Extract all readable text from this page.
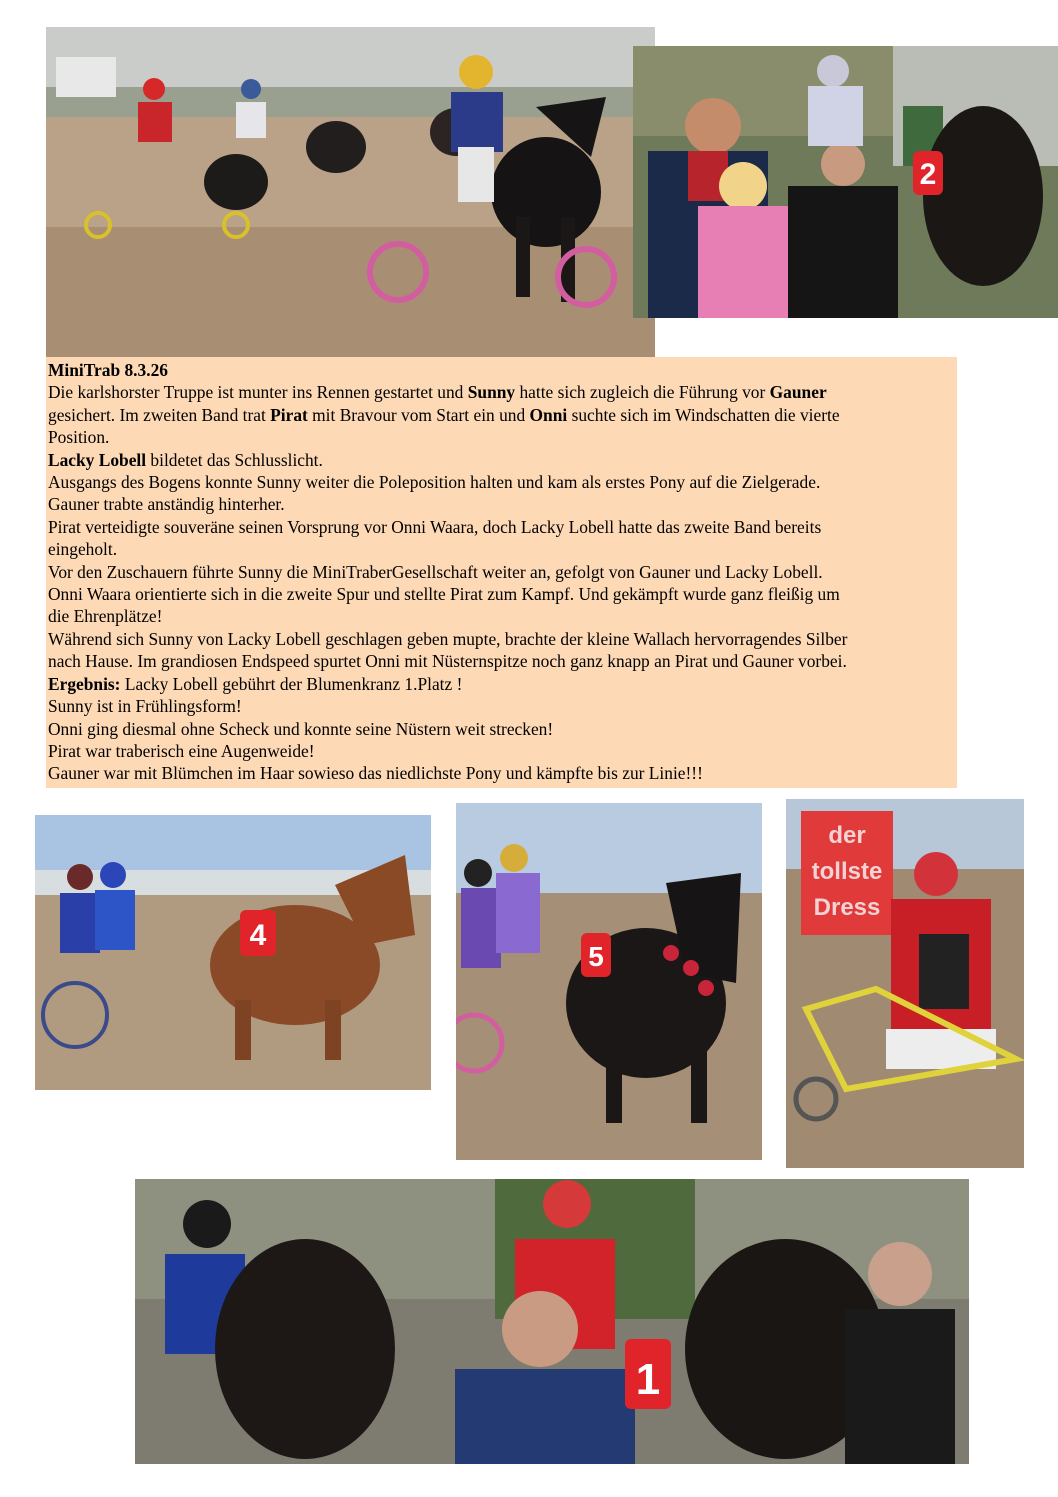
2

MiniTrab 8.3.26

Die karlshorster Truppe ist munter ins Rennen gestartet und Sunny hatte sich zugleich die Führung vor Gauner

gesichert. Im zweiten Band trat Pirat mit Bravour vom Start ein und Onni suchte sich im Windschatten die vierte

Position.

Lacky Lobell bildetet das Schlusslicht.

Ausgangs des Bogens konnte Sunny weiter die Poleposition halten und kam als erstes Pony auf die Zielgerade.

Gauner trabte anständig hinterher.

Pirat verteidigte souveräne seinen Vorsprung vor Onni Waara, doch Lacky Lobell hatte das zweite Band bereits

eingeholt.

Vor den Zuschauern führte Sunny die MiniTraberGesellschaft weiter an, gefolgt von Gauner und Lacky Lobell.

Onni Waara orientierte sich in die zweite Spur und stellte Pirat zum Kampf. Und gekämpft wurde ganz fleißig um

die Ehrenplätze!

Während sich Sunny von Lacky Lobell geschlagen geben mupte, brachte der kleine Wallach hervorragendes Silber

nach Hause. Im grandiosen Endspeed spurtet Onni mit Nüsternspitze noch ganz knapp an Pirat und Gauner vorbei.

Ergebnis: Lacky Lobell gebührt der Blumenkranz 1.Platz !

Sunny ist in Frühlingsform!

Onni ging diesmal ohne Scheck und konnte seine Nüstern weit strecken!

Pirat war traberisch eine Augenweide!

Gauner war mit Blümchen im Haar sowieso das niedlichste Pony und kämpfte bis zur Linie!!!

4
5
der
tollste
Dress
1
